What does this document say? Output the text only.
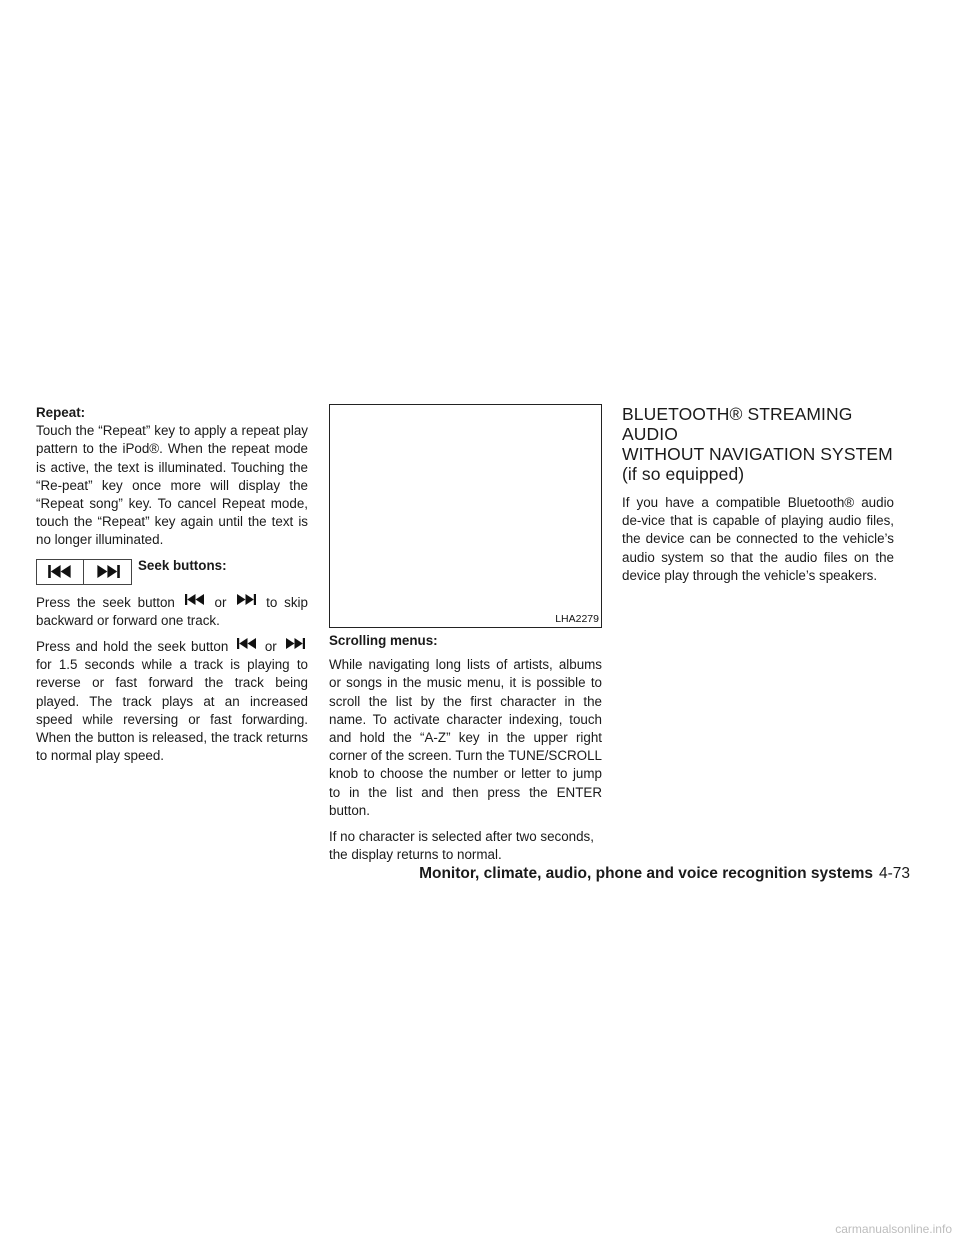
Repeat:

Touch the “Repeat” key to apply a repeat play pattern to the iPod®. When the repeat mode is active, the text is illuminated. Touching the “Re-peat” key once more will display the “Repeat song” key. To cancel Repeat mode, touch the “Repeat” key again until the text is no longer illuminated.

Seek buttons:

Press the seek button	or	to skip backward or forward one track.

Press and hold the seek button	or  for 1.5 seconds while a track is playing to reverse or fast forward the track being played. The track plays at an increased speed while reversing or fast forwarding. When the button is released, the track returns to normal play speed.

LHA2279

Scrolling menus:

While navigating long lists of artists, albums or songs in the music menu, it is possible to scroll the list by the first character in the name. To activate character indexing, touch and hold the “A-Z” key in the upper right corner of the screen. Turn the TUNE/SCROLL knob to choose the number or letter to jump to in the list and then press the ENTER button.

If no character is selected after two seconds, the display returns to normal.

BLUETOOTH® STREAMING AUDIO
WITHOUT NAVIGATION SYSTEM (if so equipped)

If you have a compatible Bluetooth® audio de-vice that is capable of playing audio files, the device can be connected to the vehicle’s audio system so that the audio files on the device play through the vehicle’s speakers.

Monitor, climate, audio, phone and voice recognition systems 4-73
carmanualsonline.info
